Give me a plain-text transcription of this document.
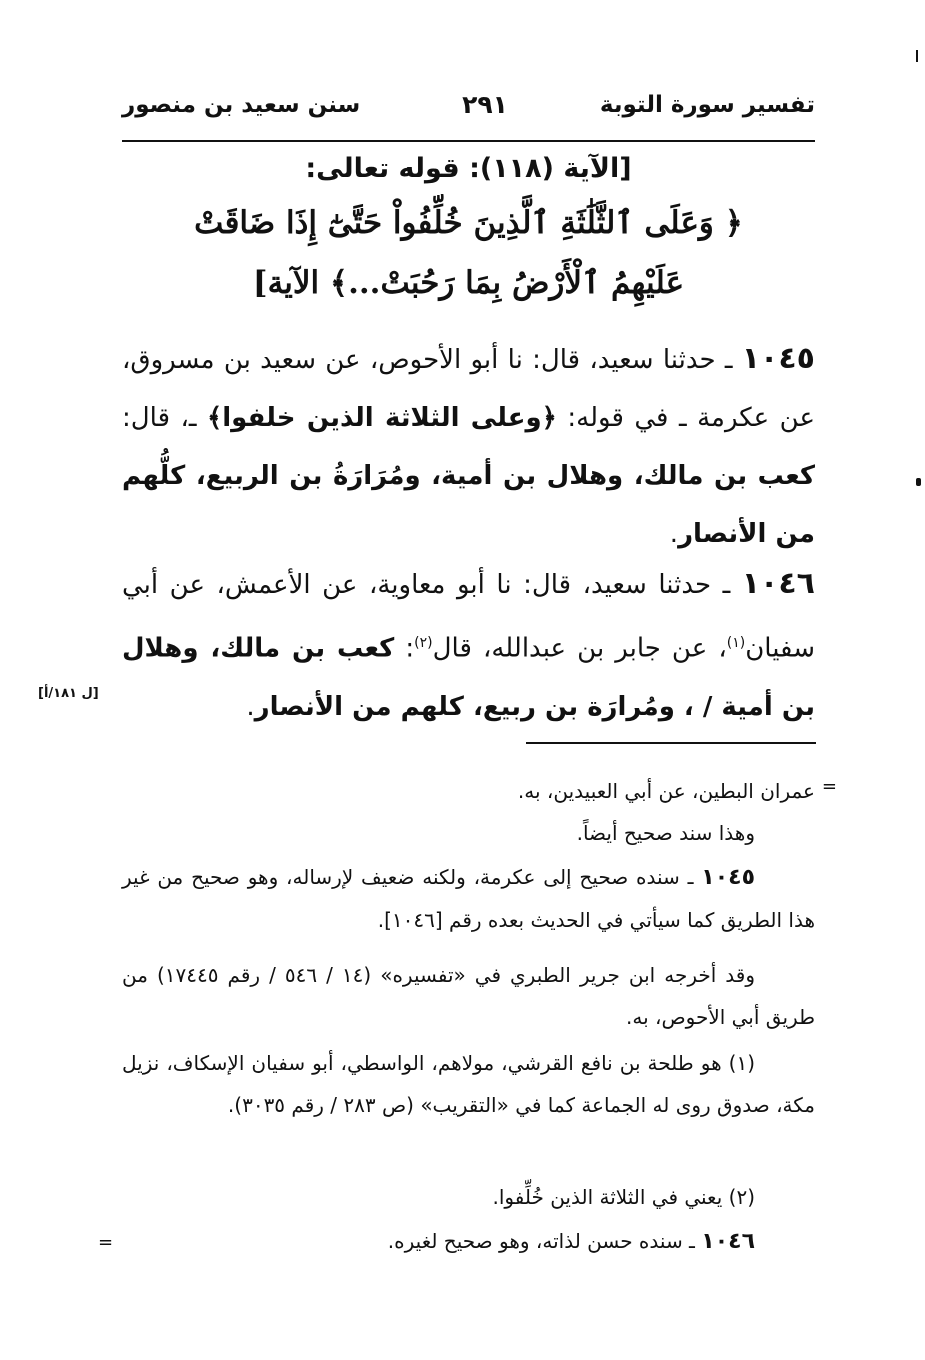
تفسير سورة التوبة
٢٩١
سنن سعيد بن منصور
[الآية (١١٨): قوله تعالى:
﴿ وَعَلَى ٱلثَّلَٰثَةِ ٱلَّذِينَ خُلِّفُواْ حَتَّىٰٓ إِذَا ضَاقَتْ
عَلَيْهِمُ ٱلْأَرْضُ بِمَا رَحُبَتْ...﴾ الآية]
١٠٤٥ ـ حدثنا سعيد، قال: نا أبو الأحوص، عن سعيد بن مسروق، عن عكرمة ـ في قوله: ﴿وعلى الثلاثة الذين خلفوا﴾ ـ، قال: كعب بن مالك، وهلال بن أمية، ومُرَارَةُ بن الربيع، كلُّهم من الأنصار.
١٠٤٦ ـ حدثنا سعيد، قال: نا أبو معاوية، عن الأعمش، عن أبي سفيان$^{(١)}$، عن جابر بن عبدالله، قال$^{(٢)}$: كعب بن مالك، وهلال بن أمية / ، ومُرارَة بن ربيع، كلهم من الأنصار.
[ل ١٨١/أ]
=
عمران البطين، عن أبي العبيدين، به.
وهذا سند صحيح أيضاً.
١٠٤٥ ـ سنده صحيح إلى عكرمة، ولكنه ضعيف لإرساله، وهو صحيح من غير هذا الطريق كما سيأتي في الحديث بعده رقم [١٠٤٦].
وقد أخرجه ابن جرير الطبري في «تفسيره» (١٤ / ٥٤٦ / رقم ١٧٤٤٥) من طريق أبي الأحوص، به.
(١) هو طلحة بن نافع القرشي، مولاهم، الواسطي، أبو سفيان الإسكاف، نزيل مكة، صدوق روى له الجماعة كما في «التقريب» (ص ٢٨٣ / رقم ٣٠٣٥).
(٢) يعني في الثلاثة الذين خُلِّفوا.
١٠٤٦ ـ سنده حسن لذاته، وهو صحيح لغيره.
=
